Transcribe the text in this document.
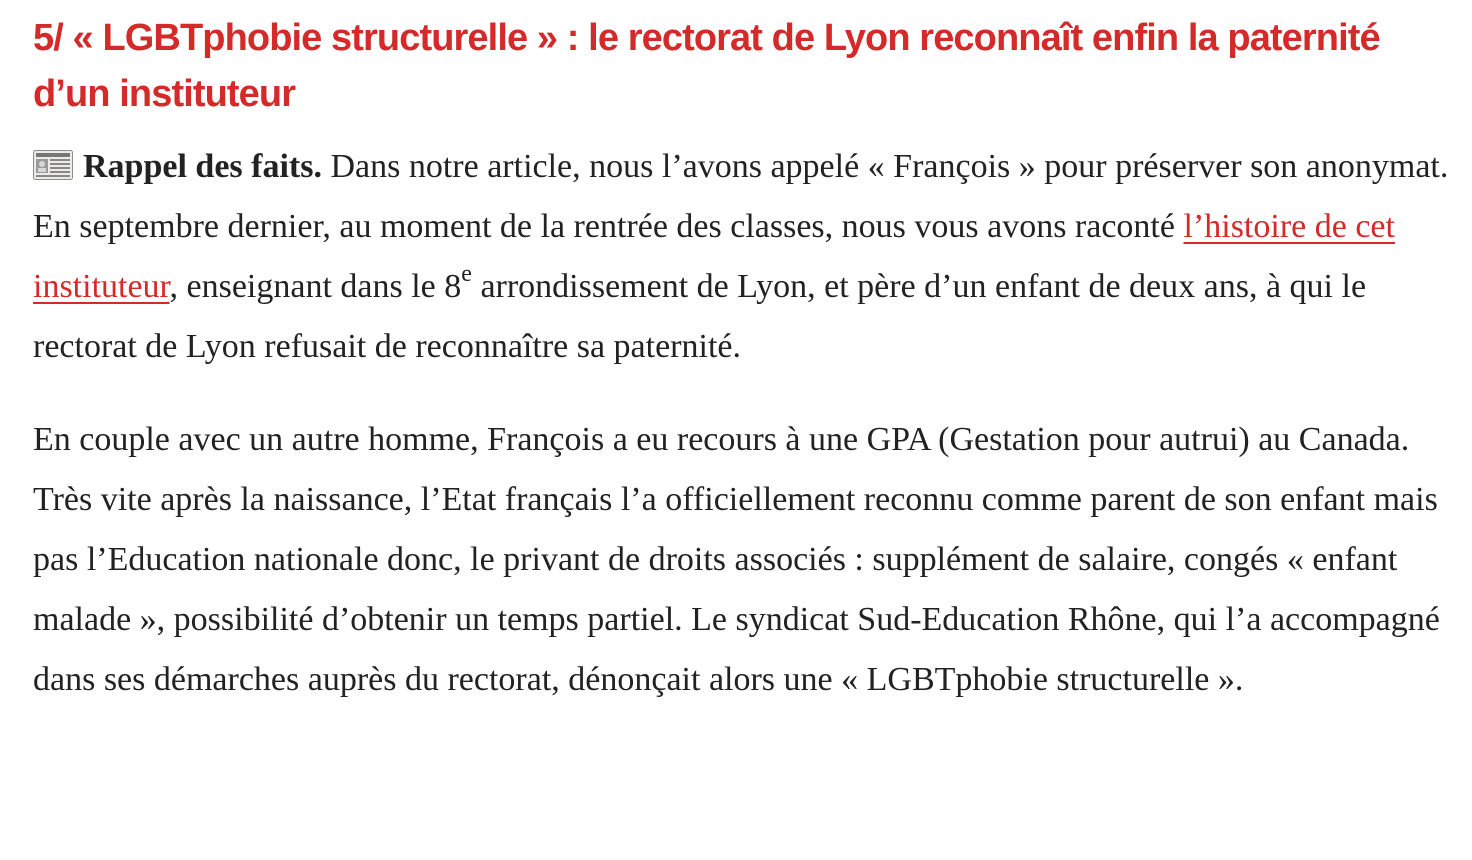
5/ « LGBTphobie structurelle » : le rectorat de Lyon reconnaît enfin la paternité d’un instituteur

Rappel des faits. Dans notre article, nous l’avons appelé « François » pour préserver son anonymat. En septembre dernier, au moment de la rentrée des classes, nous vous avons raconté l’histoire de cet instituteur, enseignant dans le 8e arrondissement de Lyon, et père d’un enfant de deux ans, à qui le rectorat de Lyon refusait de reconnaître sa paternité.

En couple avec un autre homme, François a eu recours à une GPA (Gestation pour autrui) au Canada. Très vite après la naissance, l’Etat français l’a officiellement reconnu comme parent de son enfant mais pas l’Education nationale donc, le privant de droits associés : supplément de salaire, congés « enfant malade », possibilité d’obtenir un temps partiel. Le syndicat Sud-Education Rhône, qui l’a accompagné dans ses démarches auprès du rectorat, dénonçait alors une « LGBTphobie structurelle ».
